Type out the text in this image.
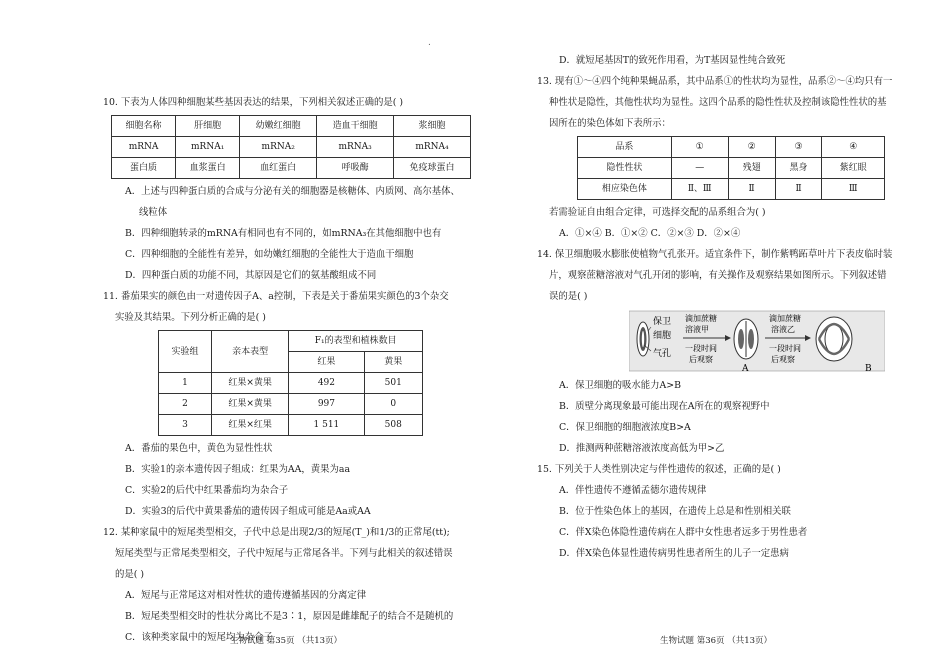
.
10. 下表为人体四种细胞某些基因表达的结果，下列相关叙述正确的是( )
细胞名称	肝细胞	幼嫩红细胞	造血干细胞	浆细胞
mRNA	mRNA₁	mRNA₂	mRNA₃	mRNA₄
蛋白质	血浆蛋白	血红蛋白	呼吸酶	免疫球蛋白
A．上述与四种蛋白质的合成与分泌有关的细胞器是核糖体、内质网、高尔基体、
线粒体
B．四种细胞转录的mRNA有相同也有不同的，如mRNA₃在其他细胞中也有
C．四种细胞的全能性有差异，如幼嫩红细胞的全能性大于造血干细胞
D．四种蛋白质的功能不同，其原因是它们的氨基酸组成不同
11. 番茄果实的颜色由一对遗传因子A、a控制，下表是关于番茄果实颜色的3个杂交
实验及其结果。下列分析正确的是( )
实验组	亲本表型	F₁的表型和植株数目	
		红果	黄果
1	红果×黄果	492	501
2	红果×黄果	997	0
3	红果×红果	1 511	508
A．番茄的果色中，黄色为显性性状
B．实验1的亲本遗传因子组成：红果为AA，黄果为aa
C．实验2的后代中红果番茄均为杂合子
D．实验3的后代中黄果番茄的遗传因子组成可能是Aa或AA
12. 某种家鼠中的短尾类型相交，子代中总是出现2/3的短尾(T_)和1/3的正常尾(tt);
短尾类型与正常尾类型相交，子代中短尾与正常尾各半。下列与此相关的叙述错误
的是( )
A．短尾与正常尾这对相对性状的遗传遵循基因的分离定律
B．短尾类型相交时的性状分离比不是3∶1，原因是雌雄配子的结合不是随机的
C．该种类家鼠中的短尾均为杂合子
生物试题 第35页 （共13页）
D．就短尾基因T的致死作用看，为T基因显性纯合致死
13. 现有①～④四个纯种果蝇品系，其中品系①的性状均为显性，品系②～④均只有一
种性状是隐性，其他性状均为显性。这四个品系的隐性性状及控制该隐性性状的基
因所在的染色体如下表所示：
品系	①	②	③	④
隐性性状	—	残翅	黑身	紫红眼
相应染色体	Ⅱ、Ⅲ	Ⅱ	Ⅱ	Ⅲ
若需验证自由组合定律，可选择交配的品系组合为( )
A．①×④ B．①×② C．②×③ D．②×④
14. 保卫细胞吸水膨胀使植物气孔张开。适宜条件下，制作紫鸭跖草叶片下表皮临时装
片，观察蔗糖溶液对气孔开闭的影响，有关操作及观察结果如图所示。下列叙述错
误的是( )
保卫
细胞
气孔
滴加蔗糖
溶液甲
一段时间
后观察
A
滴加蔗糖
溶液乙
一段时间
后观察
B
A．保卫细胞的吸水能力A>B
B．质壁分离现象最可能出现在A所在的观察视野中
C．保卫细胞的细胞液浓度B>A
D．推测两种蔗糖溶液浓度高低为甲>乙
15. 下列关于人类性别决定与伴性遗传的叙述，正确的是( )
A．伴性遗传不遵循孟德尔遗传规律
B．位于性染色体上的基因，在遗传上总是和性别相关联
C．伴X染色体隐性遗传病在人群中女性患者远多于男性患者
D．伴X染色体显性遗传病男性患者所生的儿子一定患病
生物试题 第36页 （共13页）
